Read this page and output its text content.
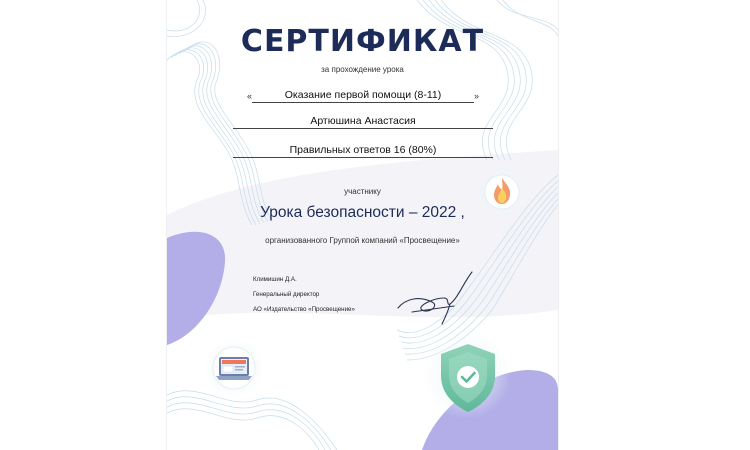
СЕРТИФИКАТ
за прохождение урока
«	Оказание первой помощи (8-11)	»
Артюшина Анастасия
Правильных ответов 16 (80%)
участнику
Урока безопасности – 2022 ,
организованного Группой компаний «Просвещение»
Климишин Д.А.
Генеральный директор
АО «Издательство «Просвещение»
